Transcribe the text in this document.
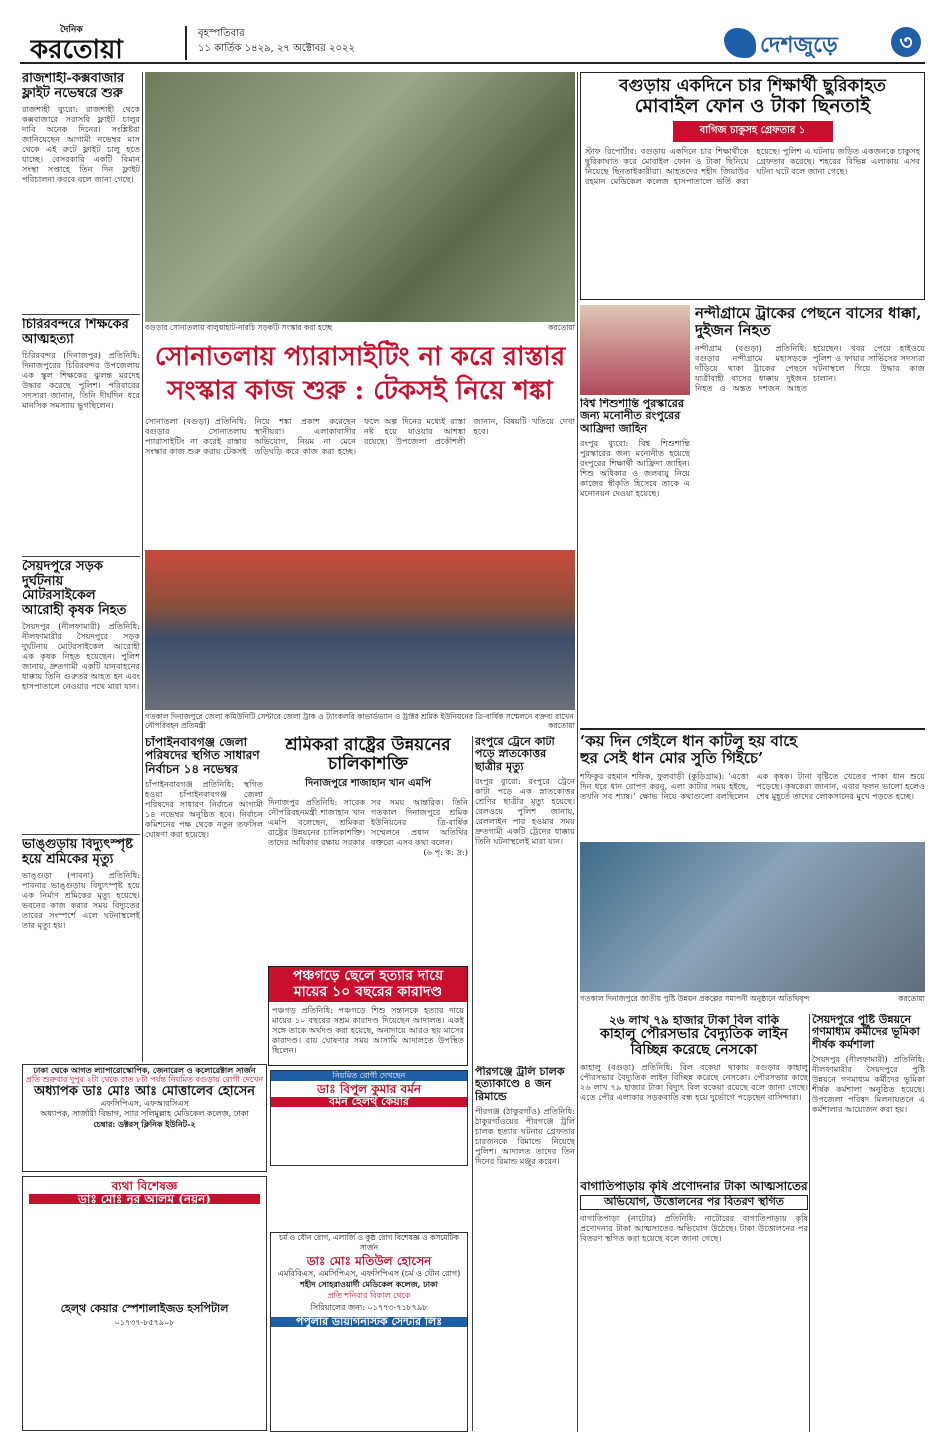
দৈনিক
করতোয়া
বৃহস্পতিবার
১১ কার্তিক ১৪২৯, ২৭ অক্টোবর ২০২২	দেশজুড়ে	৩
রাজশাহী-কক্সবাজার ফ্লাইট নভেম্বরে শুরু
রাজশাহী ব্যুরো: রাজশাহী থেকে কক্সবাজারে সরাসরি ফ্লাইট চালুর দাবি অনেক দিনের। সংশ্লিষ্টরা জানিয়েছেন আগামী নভেম্বর মাস থেকে এই রুটে ফ্লাইট চালু হতে যাচ্ছে। বেসরকারি একটি বিমান সংস্থা সপ্তাহে তিন দিন ফ্লাইট পরিচালনা করবে বলে জানা গেছে।
চিরিরবন্দরে শিক্ষকের আত্মহত্যা
চিরিরবন্দর (দিনাজপুর) প্রতিনিধি: দিনাজপুরের চিরিরবন্দর উপজেলায় এক স্কুল শিক্ষকের ঝুলন্ত মরদেহ উদ্ধার করেছে পুলিশ। পরিবারের সদস্যরা জানান, তিনি দীর্ঘদিন ধরে মানসিক সমস্যায় ভুগছিলেন।
সৈয়দপুরে সড়ক দুর্ঘটনায় মোটরসাইকেল আরোহী কৃষক নিহত
সৈয়দপুর (নীলফামারী) প্রতিনিধি: নীলফামারীর সৈয়দপুরে সড়ক দুর্ঘটনায় মোটরসাইকেল আরোহী এক কৃষক নিহত হয়েছেন। পুলিশ জানায়, দ্রুতগামী একটি যানবাহনের ধাক্কায় তিনি গুরুতর আহত হন এবং হাসপাতালে নেওয়ার পথে মারা যান।
ভাঙ্গুড়ায় বিদ্যুৎস্পৃষ্ট হয়ে শ্রমিকের মৃত্যু
ভাঙ্গুড়া (পাবনা) প্রতিনিধি: পাবনার ভাঙ্গুড়ায় বিদ্যুৎস্পৃষ্ট হয়ে এক নির্মাণ শ্রমিকের মৃত্যু হয়েছে। ভবনের কাজ করার সময় বিদ্যুতের তারের সংস্পর্শে এলে ঘটনাস্থলেই তার মৃত্যু হয়।
বগুড়ার সোনাতলায় বালুয়াহাট-নারচি সড়কটি সংস্কার করা হচ্ছে	করতোয়া
সোনাতলায় প্যারাসাইটিং না করে রাস্তার সংস্কার কাজ শুরু : টেকসই নিয়ে শঙ্কা
সোনাতলা (বগুড়া) প্রতিনিধি: বগুড়ার সোনাতলায় প্যারাসাইটিং না করেই রাস্তার সংস্কার কাজ শুরু করায় টেকসই নিয়ে শঙ্কা প্রকাশ করেছেন স্থানীয়রা। এলাকাবাসীর অভিযোগ, নিয়ম না মেনে তড়িঘড়ি করে কাজ করা হচ্ছে। ফলে অল্প দিনের মধ্যেই রাস্তা নষ্ট হয়ে যাওয়ার আশঙ্কা রয়েছে। উপজেলা প্রকৌশলী জানান, বিষয়টি খতিয়ে দেখা হবে।
গতকাল দিনাজপুরে জেলা কমিউনিটি সেন্টারে জেলা ট্রাক ও ট্যাংকলরি কাভার্ডভ্যান ও ট্রাক্টর শ্রমিক ইউনিয়নের ত্রি-বার্ষিক সম্মেলনে বক্তব্য রাখেন নৌপরিবহন প্রতিমন্ত্রী	করতোয়া
চাঁপাইনবাবগঞ্জ জেলা পরিষদের স্থগিত সাধারণ নির্বাচন ১৪ নভেম্বর
চাঁপাইনবাবগঞ্জ প্রতিনিধি: স্থগিত হওয়া চাঁপাইনবাবগঞ্জ জেলা পরিষদের সাধারণ নির্বাচন আগামী ১৪ নভেম্বর অনুষ্ঠিত হবে। নির্বাচন কমিশনের পক্ষ থেকে নতুন তফসিল ঘোষণা করা হয়েছে।
শ্রমিকরা রাষ্ট্রের উন্নয়নের চালিকাশক্তি
দিনাজপুরে শাজাহান খান এমপি
দিনাজপুর প্রতিনিধি: সাবেক নৌপরিবহনমন্ত্রী শাজাহান খান এমপি বলেছেন, শ্রমিকরা রাষ্ট্রের উন্নয়নের চালিকাশক্তি। তাদের অধিকার রক্ষায় সরকার সব সময় আন্তরিক। তিনি গতকাল দিনাজপুরে শ্রমিক ইউনিয়নের ত্রি-বার্ষিক সম্মেলনে প্রধান অতিথির বক্তব্যে এসব কথা বলেন।
(৬ পৃ: ক: দ্র:)
রংপুরে ট্রেনে কাটা পড়ে স্নাতকোত্তর ছাত্রীর মৃত্যু
রংপুর ব্যুরো: রংপুরে ট্রেনে কাটা পড়ে এক স্নাতকোত্তর শ্রেণির ছাত্রীর মৃত্যু হয়েছে। রেলওয়ে পুলিশ জানায়, রেললাইন পার হওয়ার সময় দ্রুতগামী একটি ট্রেনের ধাক্কায় তিনি ঘটনাস্থলেই মারা যান।
পঞ্চগড়ে ছেলে হত্যার দায়ে
মায়ের ১০ বছরের কারাদণ্ড
পঞ্চগড় প্রতিনিধি: পঞ্চগড়ে শিশু সন্তানকে হত্যার দায়ে মায়ের ১০ বছরের সশ্রম কারাদণ্ড দিয়েছেন আদালত। একই সঙ্গে তাকে অর্থদণ্ড করা হয়েছে, অনাদায়ে আরও ছয় মাসের কারাদণ্ড। রায় ঘোষণার সময় আসামি আদালতে উপস্থিত ছিলেন।
বগুড়ায় একদিনে চার শিক্ষার্থী ছুরিকাহত
মোবাইল ফোন ও টাকা ছিনতাই
বাগিজ চাকুসহ গ্রেফতার ১
স্টাফ রিপোর্টার: বগুড়ায় একদিনে চার শিক্ষার্থীকে ছুরিকাঘাত করে মোবাইল ফোন ও টাকা ছিনিয়ে নিয়েছে ছিনতাইকারীরা। আহতদের শহীদ জিয়াউর রহমান মেডিকেল কলেজ হাসপাতালে ভর্তি করা হয়েছে। পুলিশ এ ঘটনায় জড়িত একজনকে চাকুসহ গ্রেফতার করেছে। শহরের বিভিন্ন এলাকায় এসব ঘটনা ঘটে বলে জানা গেছে।
বিশ্ব শিশুশান্তি পুরস্কারের জন্য মনোনীত রংপুরের আফ্রিদা জাহিন
রংপুর ব্যুরো: বিশ্ব শিশুশান্তি পুরস্কারের জন্য মনোনীত হয়েছে রংপুরের শিক্ষার্থী আফ্রিদা জাহিন। শিশু অধিকার ও জলবায়ু নিয়ে কাজের স্বীকৃতি হিসেবে তাকে এ মনোনয়ন দেওয়া হয়েছে।
নন্দীগ্রামে ট্রাকের পেছনে বাসের ধাক্কা, দুইজন নিহত
নন্দীগ্রাম (বগুড়া) প্রতিনিধি: বগুড়ার নন্দীগ্রামে মহাসড়কে দাঁড়িয়ে থাকা ট্রাকের পেছনে যাত্রীবাহী বাসের ধাক্কায় দুইজন নিহত ও অন্তত দশজন আহত হয়েছেন। খবর পেয়ে হাইওয়ে পুলিশ ও ফায়ার সার্ভিসের সদস্যরা ঘটনাস্থলে গিয়ে উদ্ধার কাজ চালান।
‘কয় দিন গেইলে ধান কাটলু হয় বাহে
হুর সেই ধান মোর সুতি গিইচে’
শফিকুর রহমান শফিক, ফুলবাড়ী (কুড়িগ্রাম): ‘এত্তো দিন ধরে ধান রোপণ করনু, এলা কাটার সময় হইছে, তখনি সব শ্যাষ।’ ক্ষোভ নিয়ে কথাগুলো বলছিলেন এক কৃষক। টানা বৃষ্টিতে খেতের পাকা ধান শুয়ে পড়েছে। কৃষকেরা জানান, এবার ফলন ভালো হলেও শেষ মুহূর্তে তাদের লোকসানের মুখে পড়তে হচ্ছে।
গতকাল দিনাজপুরে জাতীয় পুষ্টি উন্নয়ন প্রকল্পের সমাপনী অনুষ্ঠানে অতিথিবৃন্দ	করতোয়া
২৬ লাখ ৭৯ হাজার টাকা বিল বাকি
কাহালু পৌরসভার বৈদ্যুতিক লাইন বিচ্ছিন্ন করেছে নেসকো
কাহালু (বগুড়া) প্রতিনিধি: বিল বকেয়া থাকায় বগুড়ার কাহালু পৌরসভার বৈদ্যুতিক লাইন বিচ্ছিন্ন করেছে নেসকো। পৌরসভার কাছে ২৬ লাখ ৭৯ হাজার টাকা বিদ্যুৎ বিল বকেয়া রয়েছে বলে জানা গেছে। এতে পৌর এলাকার সড়কবাতি বন্ধ হয়ে দুর্ভোগে পড়েছেন বাসিন্দারা।
সৈয়দপুরে পুষ্টি উন্নয়নে গণমাধ্যম কর্মীদের ভূমিকা শীর্ষক কর্মশালা
সৈয়দপুর (নীলফামারী) প্রতিনিধি: নীলফামারীর সৈয়দপুরে পুষ্টি উন্নয়নে গণমাধ্যম কর্মীদের ভূমিকা শীর্ষক কর্মশালা অনুষ্ঠিত হয়েছে। উপজেলা পরিষদ মিলনায়তনে এ কর্মশালার আয়োজন করা হয়।
পীরগঞ্জে ট্রলি চালক হত্যাকাণ্ডে ৪ জন রিমান্ডে
পীরগঞ্জ (ঠাকুরগাঁও) প্রতিনিধি: ঠাকুরগাঁওয়ের পীরগঞ্জে ট্রলি চালক হত্যার ঘটনায় গ্রেফতার চারজনকে রিমান্ডে নিয়েছে পুলিশ। আদালত তাদের তিন দিনের রিমান্ড মঞ্জুর করেন।
বাগাতিপাড়ায় কৃষি প্রণোদনার টাকা আত্মসাতের
অভিযোগ, উত্তোলনের পর বিতরণ স্থগিত
বাগাতিপাড়া (নাটোর) প্রতিনিধি: নাটোরের বাগাতিপাড়ায় কৃষি প্রণোদনার টাকা আত্মসাতের অভিযোগ উঠেছে। টাকা উত্তোলনের পর বিতরণ স্থগিত করা হয়েছে বলে জানা গেছে।
ঢাকা থেকে আগত ল্যাপারোস্কোপিক, জেনারেল ও কলোরেক্টাল সার্জন
প্রতি শুক্রবার দুপুর ২টা থেকে রাত ৮টা পর্যন্ত নিয়মিত বগুড়ায় রোগী দেখেন
অধ্যাপক ডাঃ মোঃ আঃ মোত্তালেব হোসেন
এফসিপিএস, এফআরসিএস
অধ্যাপক, সার্জারী বিভাগ, স্যার সলিমুল্লাহ মেডিকেল কলেজ, ঢাকা
চেম্বার: ডক্টরস্ ক্লিনিক ইউনিট-২
নিয়মিত রোগী দেখছেন
ডাঃ বিপুল কুমার বর্মন
বর্মন হেলথ্ কেয়ার
ব্যথা বিশেষজ্ঞ
ডাঃ মোঃ নূর আলম (নয়ন)
হেল্থ কেয়ার স্পেশালাইজড হসপিটাল
০১৭৩৭-৮৫৭৯০৮
চর্ম ও যৌন রোগ, এলার্জি ও কুষ্ঠ রোগ বিশেষজ্ঞ ও কসমেটিক সার্জন
ডাঃ মোঃ মতিউল হোসেন
এমবিবিএস, এমসিপিএস, এফসিপিএস (চর্ম ও যৌন রোগ)
শহীদ সোহরাওয়ার্দী মেডিকেল কলেজ, ঢাকা
প্রতি শনিবার বিকাল থেকে
সিরিয়ালের জন্য: ০১৭৭৩-৭১৮৭৯৮
পপুলার ডায়াগনস্টিক সেন্টার লিঃ
